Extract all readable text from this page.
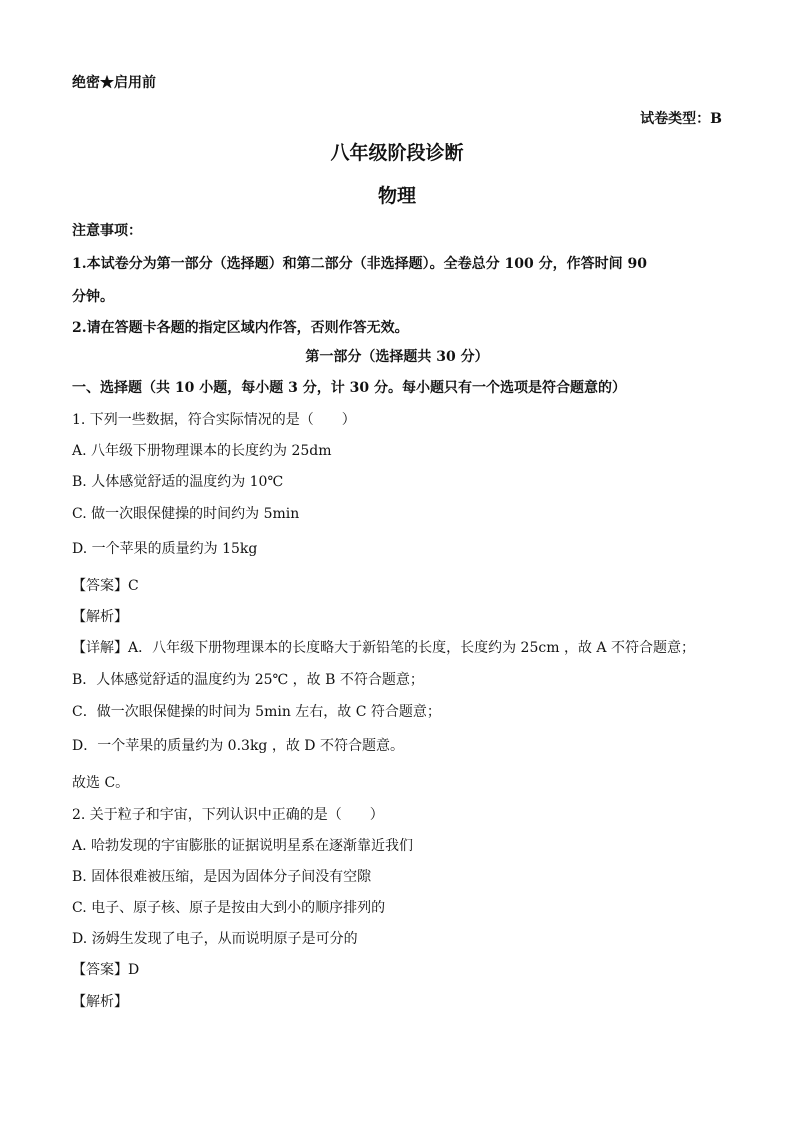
绝密★启用前
试卷类型：B
八年级阶段诊断
物理
注意事项：
1.本试卷分为第一部分（选择题）和第二部分（非选择题）。全卷总分 100 分，作答时间 90
分钟。
2.请在答题卡各题的指定区域内作答，否则作答无效。
第一部分（选择题共 30 分）
一、选择题（共 10 小题，每小题 3 分，计 30 分。每小题只有一个选项是符合题意的）
1. 下列一些数据，符合实际情况的是（　　）
A. 八年级下册物理课本的长度约为 25dm
B. 人体感觉舒适的温度约为 10℃
C. 做一次眼保健操的时间约为 5min
D. 一个苹果的质量约为 15kg
【答案】C
【解析】
【详解】A．八年级下册物理课本的长度略大于新铅笔的长度，长度约为 25cm ，故 A 不符合题意；
B．人体感觉舒适的温度约为 25℃ ，故 B 不符合题意；
C．做一次眼保健操的时间为 5min 左右，故 C 符合题意；
D．一个苹果的质量约为 0.3kg ，故 D 不符合题意。
故选 C。
2. 关于粒子和宇宙，下列认识中正确的是（　　）
A. 哈勃发现的宇宙膨胀的证据说明星系在逐渐靠近我们
B. 固体很难被压缩，是因为固体分子间没有空隙
C. 电子、原子核、原子是按由大到小的顺序排列的
D. 汤姆生发现了电子，从而说明原子是可分的
【答案】D
【解析】
